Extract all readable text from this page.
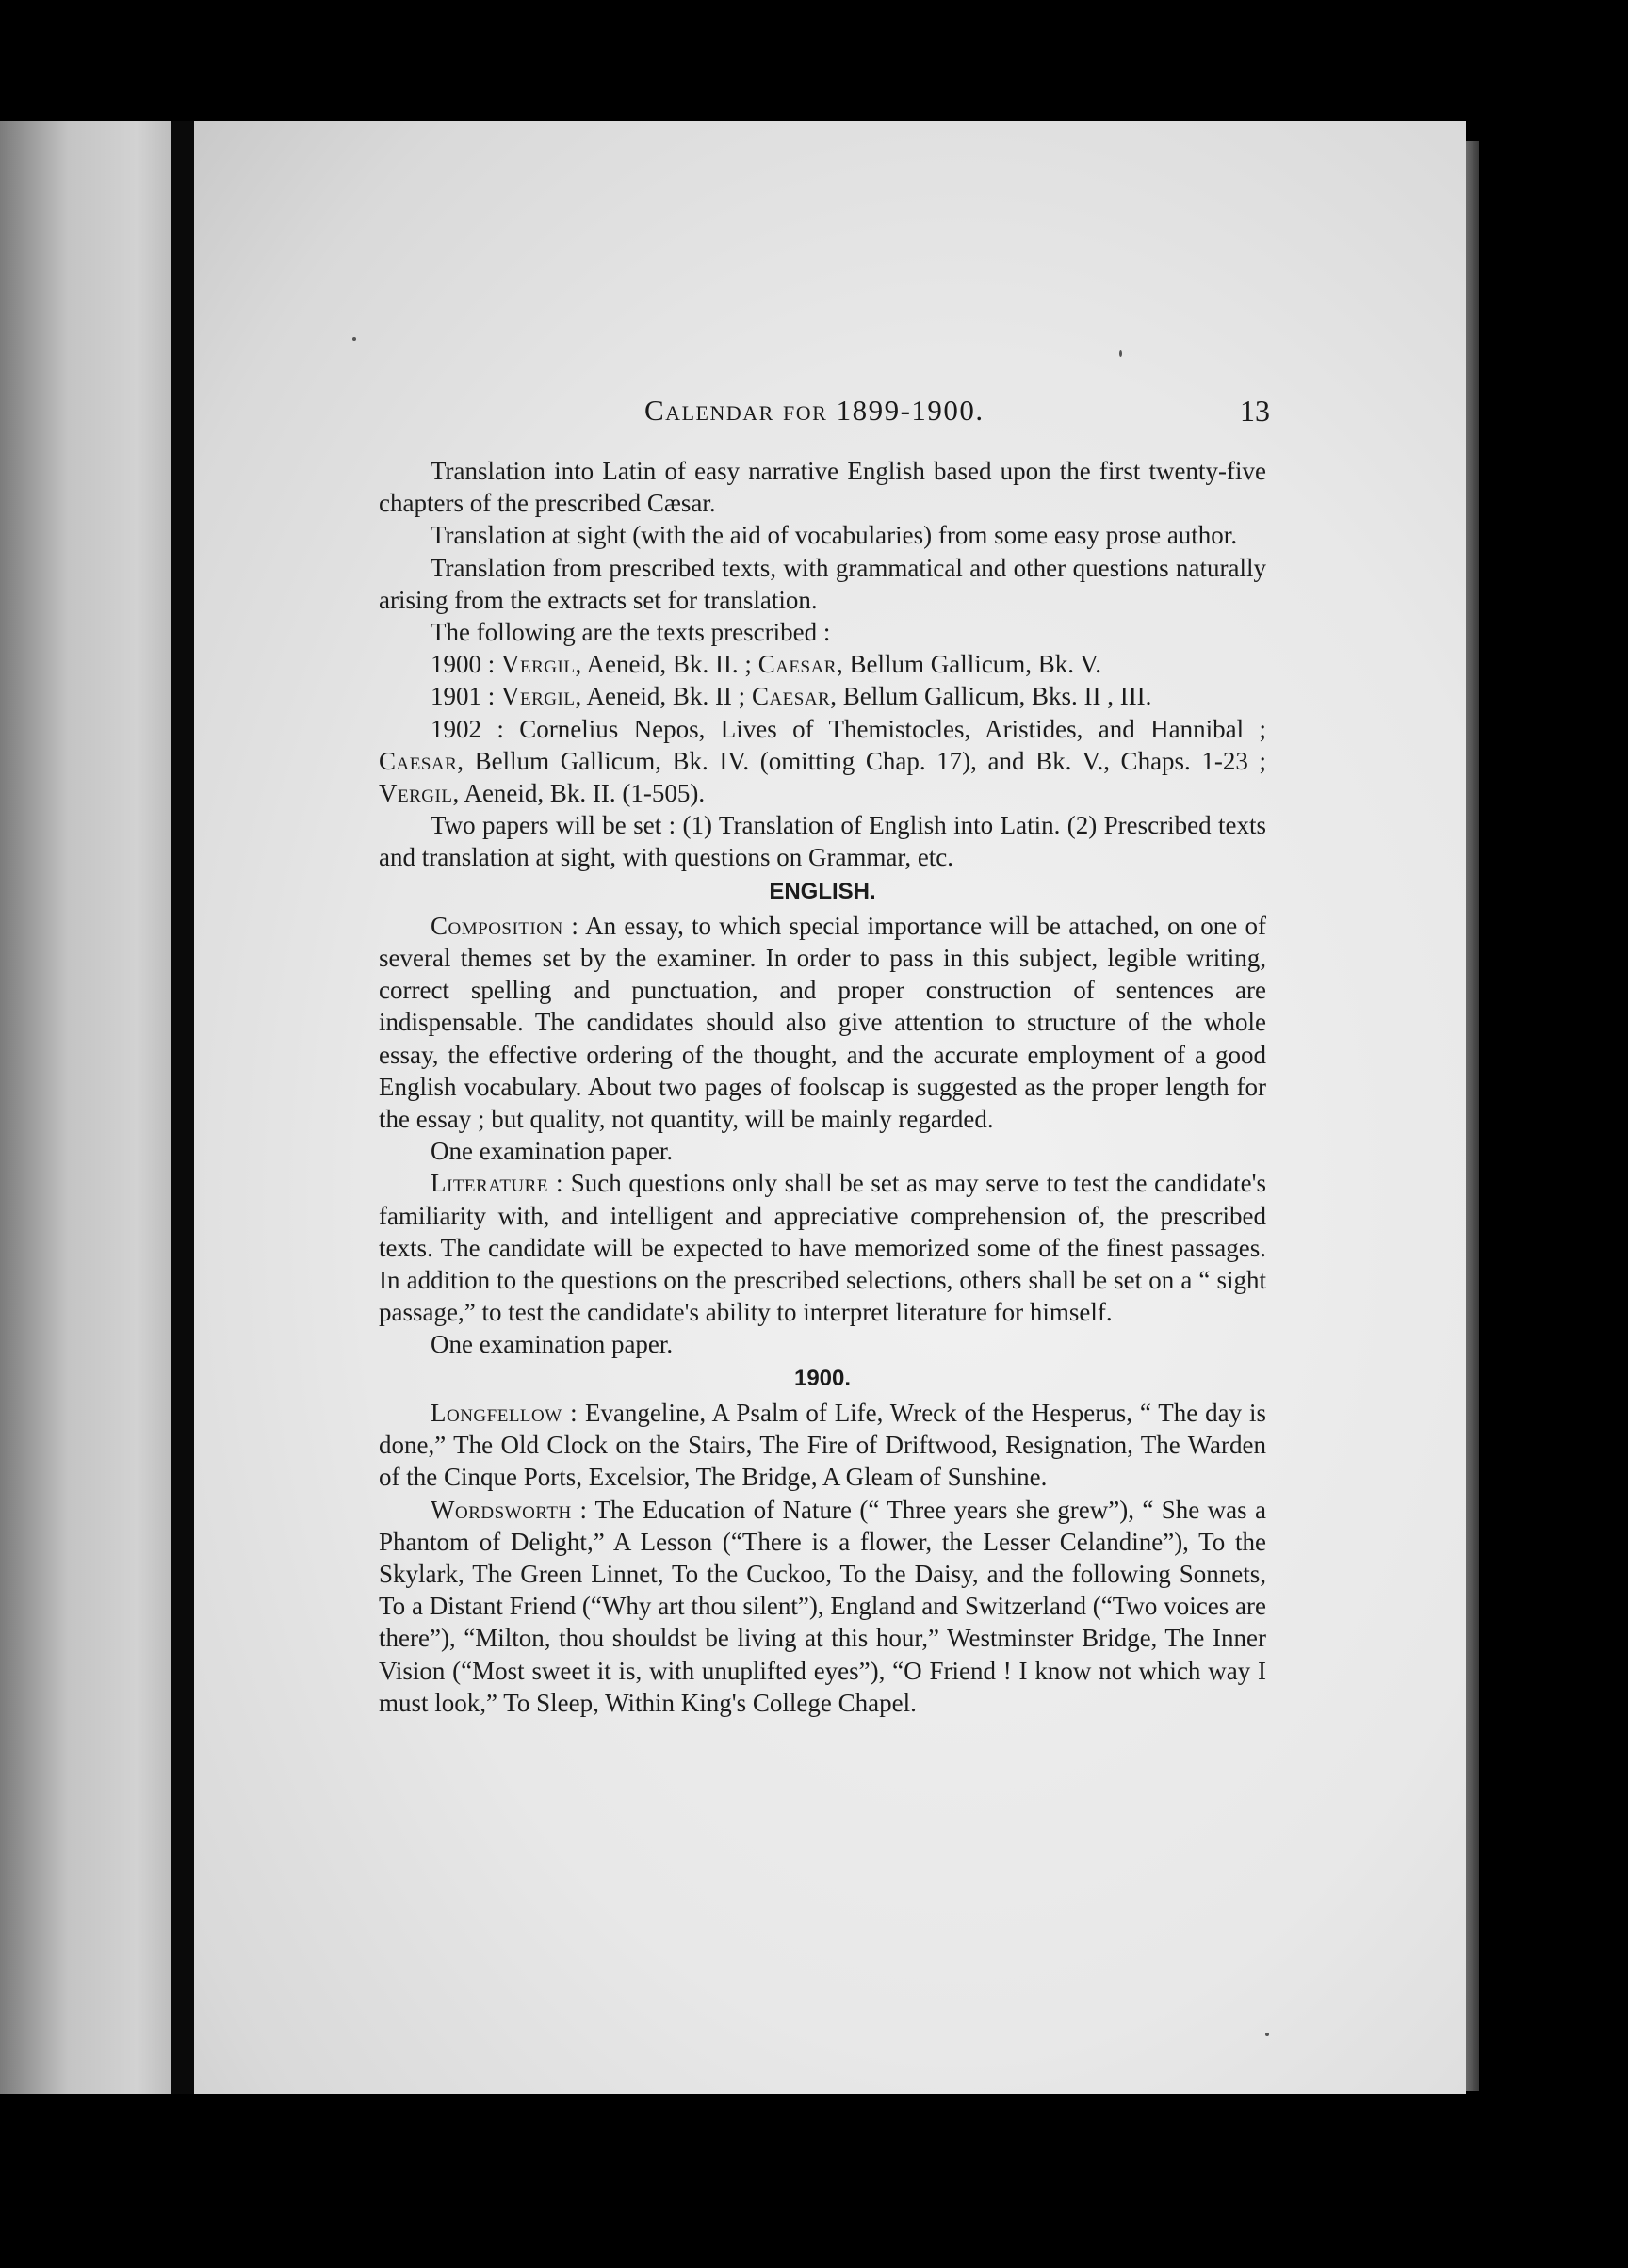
Calendar for 1899-1900.	13

Translation into Latin of easy narrative English based upon the first twenty-five chapters of the prescribed Cæsar.

Translation at sight (with the aid of vocabularies) from some easy prose author.

Translation from prescribed texts, with grammatical and other questions naturally arising from the extracts set for translation.

The following are the texts prescribed :

1900 : Vergil, Aeneid, Bk. II. ; Caesar, Bellum Gallicum, Bk. V.

1901 : Vergil, Aeneid, Bk. II ; Caesar, Bellum Gallicum, Bks. II , III.

1902 : Cornelius Nepos, Lives of Themistocles, Aristides, and Hannibal ; Caesar, Bellum Gallicum, Bk. IV. (omitting Chap. 17), and Bk. V., Chaps. 1-23 ; Vergil, Aeneid, Bk. II. (1-505).

Two papers will be set : (1) Translation of English into Latin. (2) Prescribed texts and translation at sight, with questions on Grammar, etc.

ENGLISH.

Composition : An essay, to which special importance will be attached, on one of several themes set by the examiner. In order to pass in this subject, legible writing, correct spelling and punctuation, and proper construction of sentences are indispensable. The candidates should also give attention to structure of the whole essay, the effective ordering of the thought, and the accurate employment of a good English vocabulary. About two pages of foolscap is suggested as the proper length for the essay ; but quality, not quantity, will be mainly regarded.

One examination paper.

Literature : Such questions only shall be set as may serve to test the candidate's familiarity with, and intelligent and appreciative comprehension of, the prescribed texts. The candidate will be expected to have memorized some of the finest passages. In addition to the questions on the prescribed selections, others shall be set on a “ sight passage,” to test the candidate's ability to interpret literature for himself.

One examination paper.

1900.

Longfellow : Evangeline, A Psalm of Life, Wreck of the Hesperus, “ The day is done,” The Old Clock on the Stairs, The Fire of Driftwood, Resignation, The Warden of the Cinque Ports, Excelsior, The Bridge, A Gleam of Sunshine.

Wordsworth : The Education of Nature (“ Three years she grew”), “ She was a Phantom of Delight,” A Lesson (“There is a flower, the Lesser Celandine”), To the Skylark, The Green Linnet, To the Cuckoo, To the Daisy, and the following Sonnets, To a Distant Friend (“Why art thou silent”), England and Switzerland (“Two voices are there”), “Milton, thou shouldst be living at this hour,” Westminster Bridge, The Inner Vision (“Most sweet it is, with unuplifted eyes”), “O Friend ! I know not which way I must look,” To Sleep, Within King's College Chapel.
